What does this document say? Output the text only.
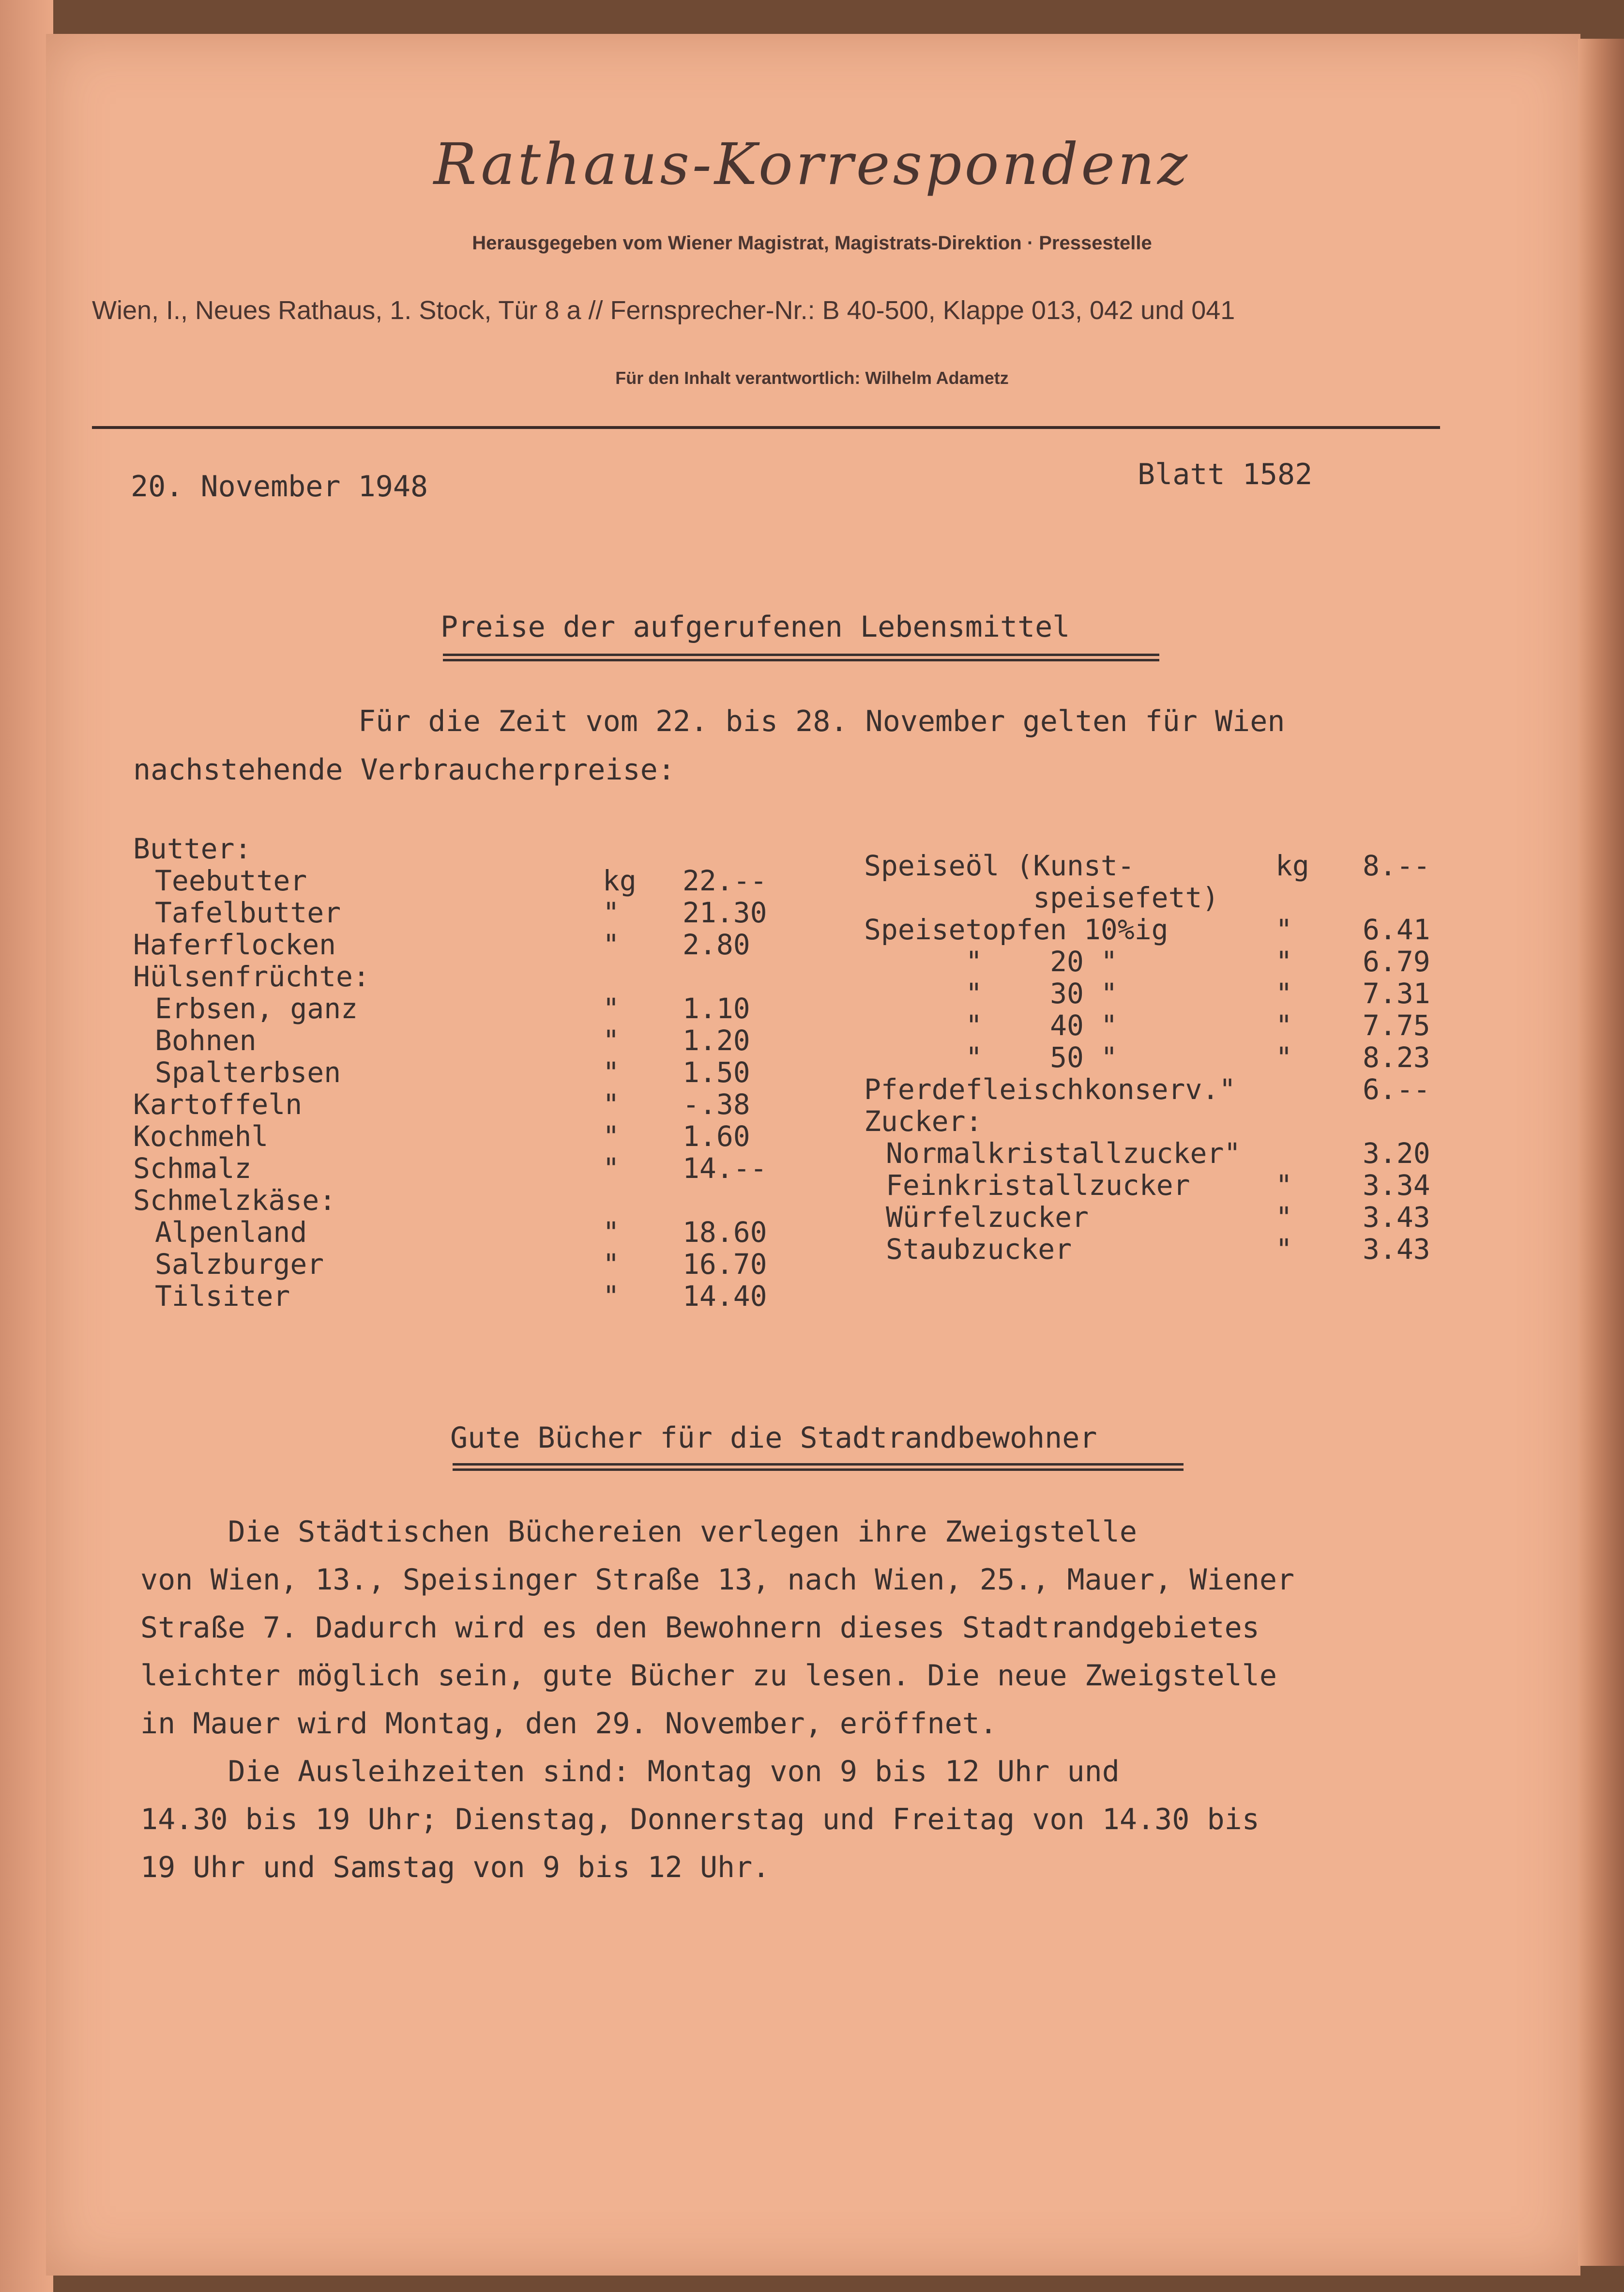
Rathaus-Korrespondenz
Herausgegeben vom Wiener Magistrat, Magistrats-Direktion · Pressestelle
Wien, I., Neues Rathaus, 1. Stock, Tür 8 a // Fernsprecher-Nr.: B 40-500, Klappe 013, 042 und 041
Für den Inhalt verantwortlich: Wilhelm Adametz
20. November 1948	Blatt 1582
Preise der aufgerufenen Lebensmittel
Für die Zeit vom 22. bis 28. November gelten für Wien
nachstehende Verbraucherpreise:
Butter:
Teebutter	kg 22.--
Tafelbutter	" 21.30
Haferflocken	" 2.80
Hülsenfrüchte:
Erbsen, ganz	" 1.10
Bohnen	" 1.20
Spalterbsen	" 1.50
Kartoffeln	" -.38
Kochmehl	" 1.60
Schmalz	" 14.--
Schmelzkäse:
Alpenland	" 18.60
Salzburger	" 16.70
Tilsiter	" 14.40
Speiseöl (Kunst-	kg 8.--
speisefett)
Speisetopfen 10%ig	"	6.41
"    20 "	"	6.79
"    30 "	"	7.31
"    40 "	"	7.75
"    50 "	"	8.23
Pferdefleischkonserv."	6.--
Zucker:
Normalkristallzucker"	3.20
Feinkristallzucker	"	3.34
Würfelzucker	"	3.43
Staubzucker	"	3.43
Gute Bücher für die Stadtrandbewohner
Die Städtischen Büchereien verlegen ihre Zweigstelle
von Wien, 13., Speisinger Straße 13, nach Wien, 25., Mauer, Wiener
Straße 7. Dadurch wird es den Bewohnern dieses Stadtrandgebietes
leichter möglich sein, gute Bücher zu lesen. Die neue Zweigstelle
in Mauer wird Montag, den 29. November, eröffnet.
Die Ausleihzeiten sind: Montag von 9 bis 12 Uhr und
14.30 bis 19 Uhr; Dienstag, Donnerstag und Freitag von 14.30 bis
19 Uhr und Samstag von 9 bis 12 Uhr.
